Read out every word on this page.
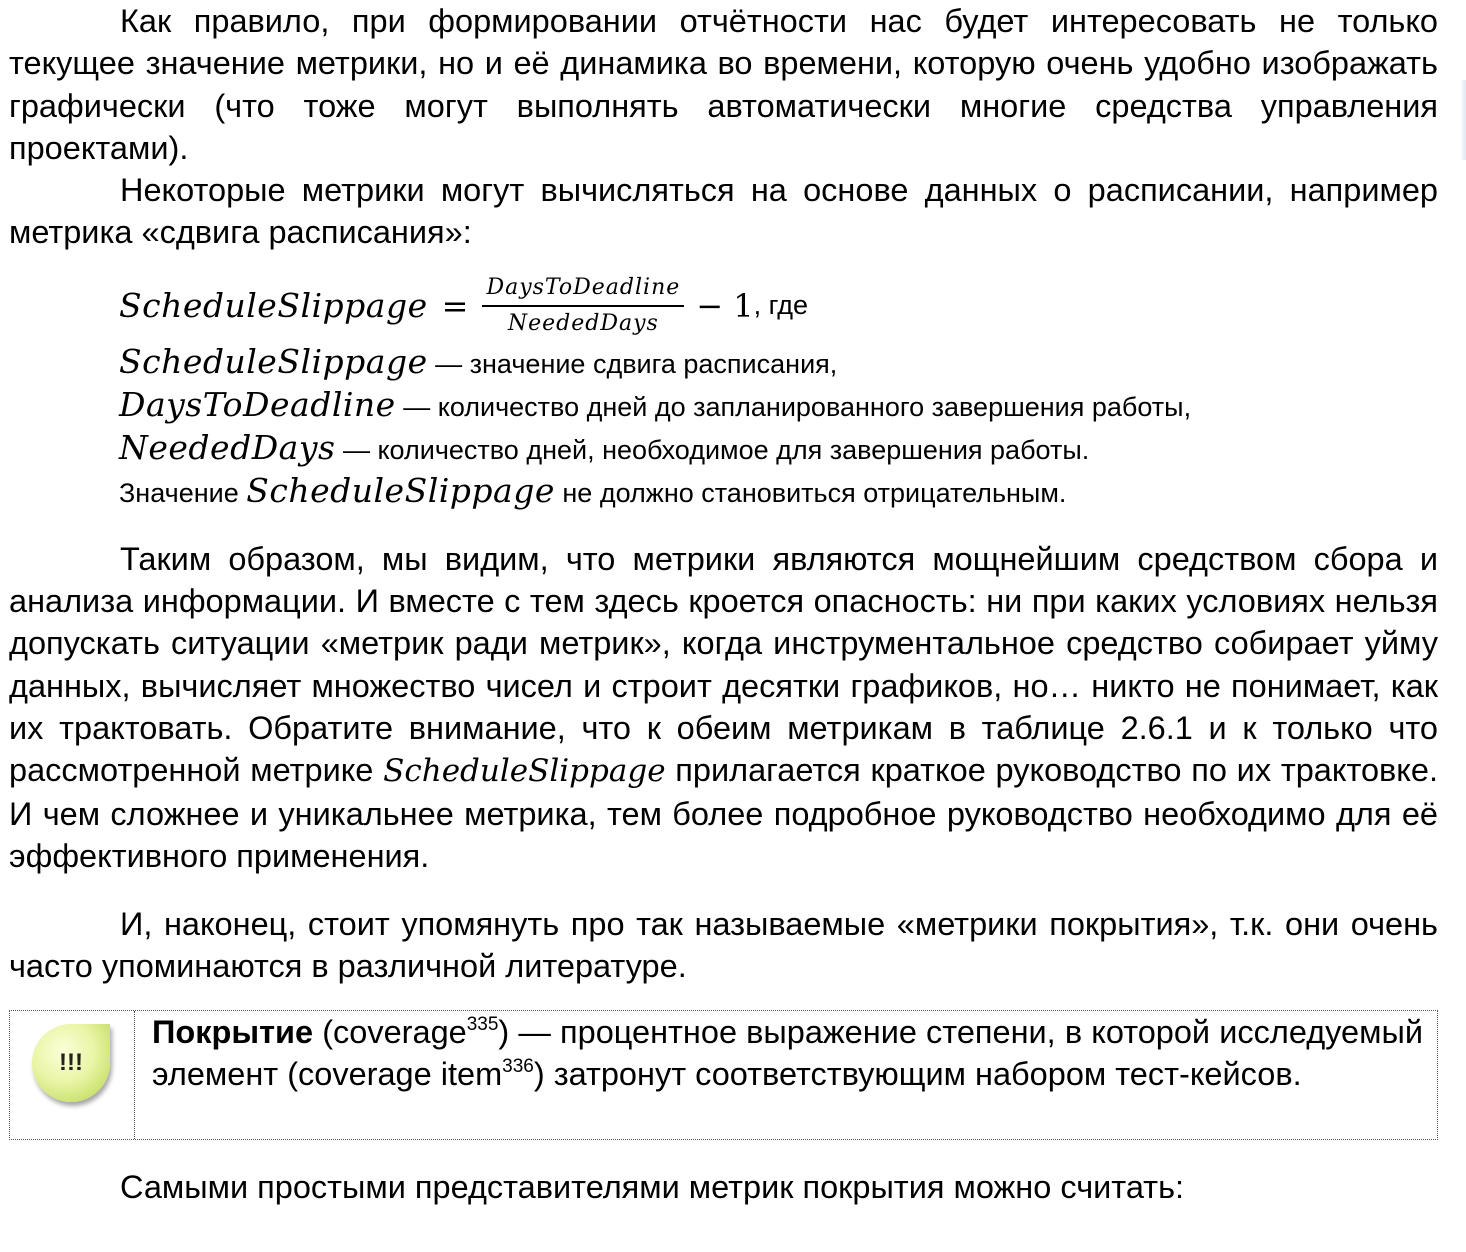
Как правило, при формировании отчётности нас будет интересовать не только текущее значение метрики, но и её динамика во времени, которую очень удобно изображать графически (что тоже могут выполнять автоматически многие средства управления проектами).

Некоторые метрики могут вычисляться на основе данных о расписании, например метрика «сдвига расписания»:

ScheduleSlippage = $\frac{\text{DaysToDeadline}}{\text{NeededDays}} - 1$ , где
ScheduleSlippage — значение сдвига расписания,
DaysToDeadline — количество дней до запланированного завершения работы,
NeededDays — количество дней, необходимое для завершения работы.
Значение ScheduleSlippage не должно становиться отрицательным.

Таким образом, мы видим, что метрики являются мощнейшим средством сбора и анализа информации. И вместе с тем здесь кроется опасность: ни при каких условиях нельзя допускать ситуации «метрик ради метрик», когда инструментальное средство собирает уйму данных, вычисляет множество чисел и строит десятки графиков, но… никто не понимает, как их трактовать. Обратите внимание, что к обеим метрикам в таблице 2.6.1 и к только что рассмотренной метрике ScheduleSlippage прилагается краткое руководство по их трактовке. И чем сложнее и уникальнее метрика, тем более подробное руководство необходимо для её эффективного применения.

И, наконец, стоит упомянуть про так называемые «метрики покрытия», т.к. они очень часто упоминаются в различной литературе.

!!!

Покрытие (coverage$^{335}$) — процентное выражение степени, в которой исследуемый элемент (coverage item$^{336}$) затронут соответствующим набором тест-кейсов.

Самыми простыми представителями метрик покрытия можно считать:
